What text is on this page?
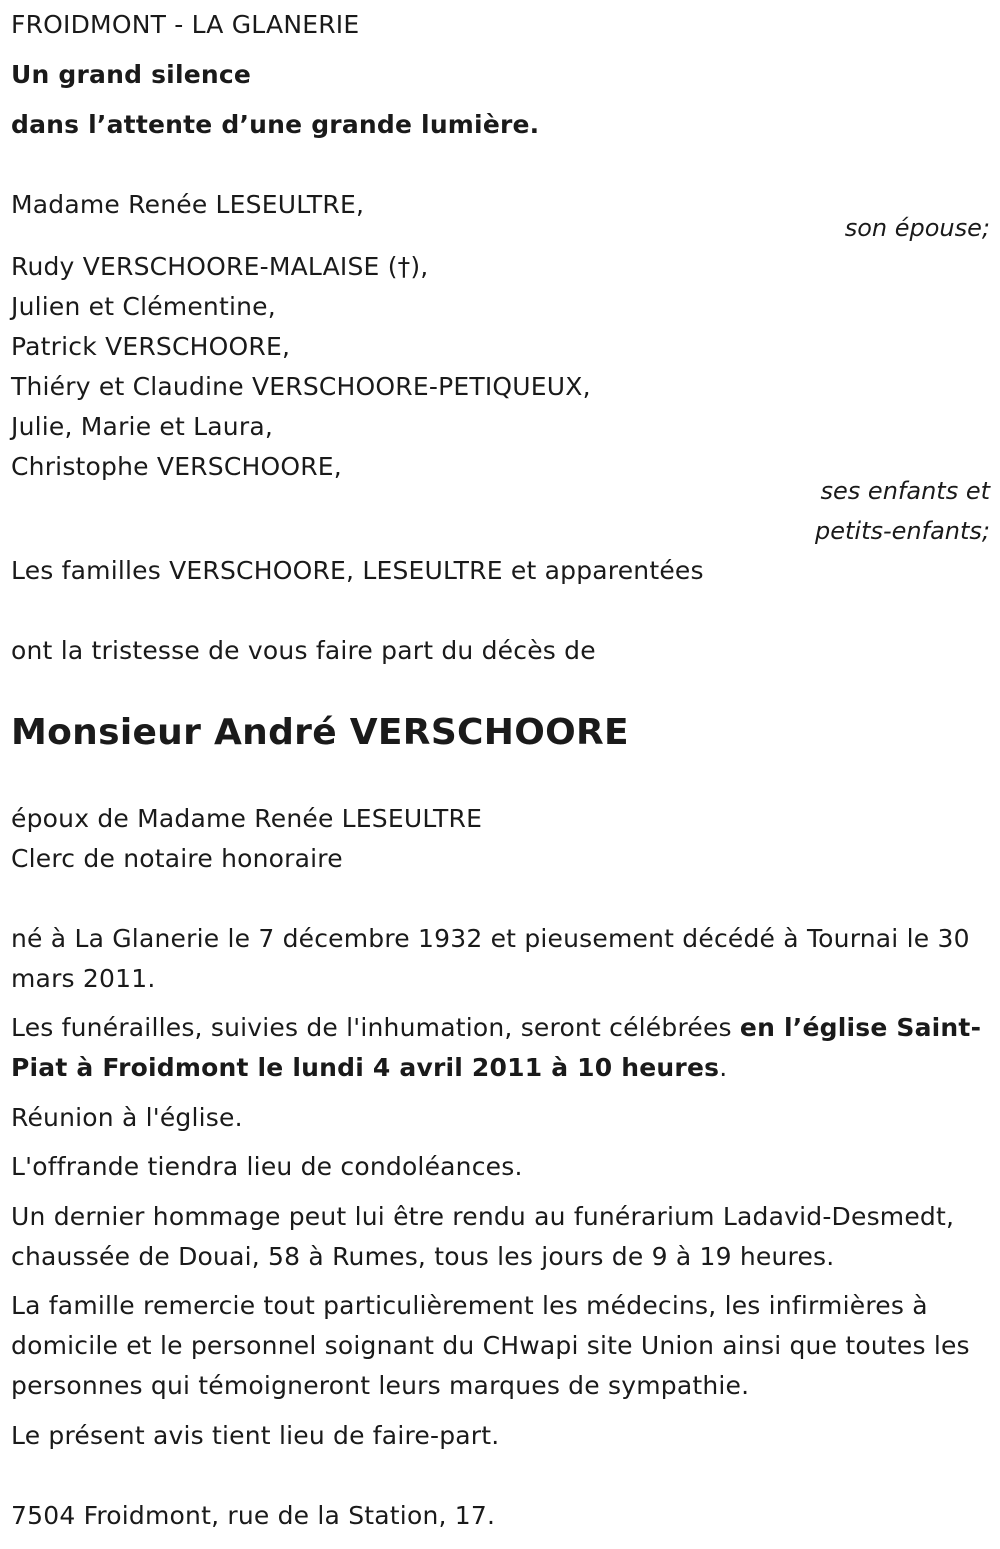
FROIDMONT - LA GLANERIE
Un grand silence
dans l’attente d’une grande lumière.
Madame Renée LESEULTRE,
son épouse;
Rudy VERSCHOORE-MALAISE (†),
Julien et Clémentine,
Patrick VERSCHOORE,
Thiéry et Claudine VERSCHOORE-PETIQUEUX,
Julie, Marie et Laura,
Christophe VERSCHOORE,
ses enfants et
petits-enfants;
Les familles VERSCHOORE, LESEULTRE et apparentées
ont la tristesse de vous faire part du décès de
Monsieur André VERSCHOORE
époux de Madame Renée LESEULTRE
Clerc de notaire honoraire
né à La Glanerie le 7 décembre 1932 et pieusement décédé à Tournai le 30 mars 2011.
Les funérailles, suivies de l'inhumation, seront célébrées en l’église Saint-Piat à Froidmont le lundi 4 avril 2011 à 10 heures.
Réunion à l'église.
L'offrande tiendra lieu de condoléances.
Un dernier hommage peut lui être rendu au funérarium Ladavid-Desmedt, chaussée de Douai, 58 à Rumes, tous les jours de 9 à 19 heures.
La famille remercie tout particulièrement les médecins, les infirmières à domicile et le personnel soignant du CHwapi site Union ainsi que toutes les personnes qui témoigneront leurs marques de sympathie.
Le présent avis tient lieu de faire-part.
7504 Froidmont, rue de la Station, 17.
